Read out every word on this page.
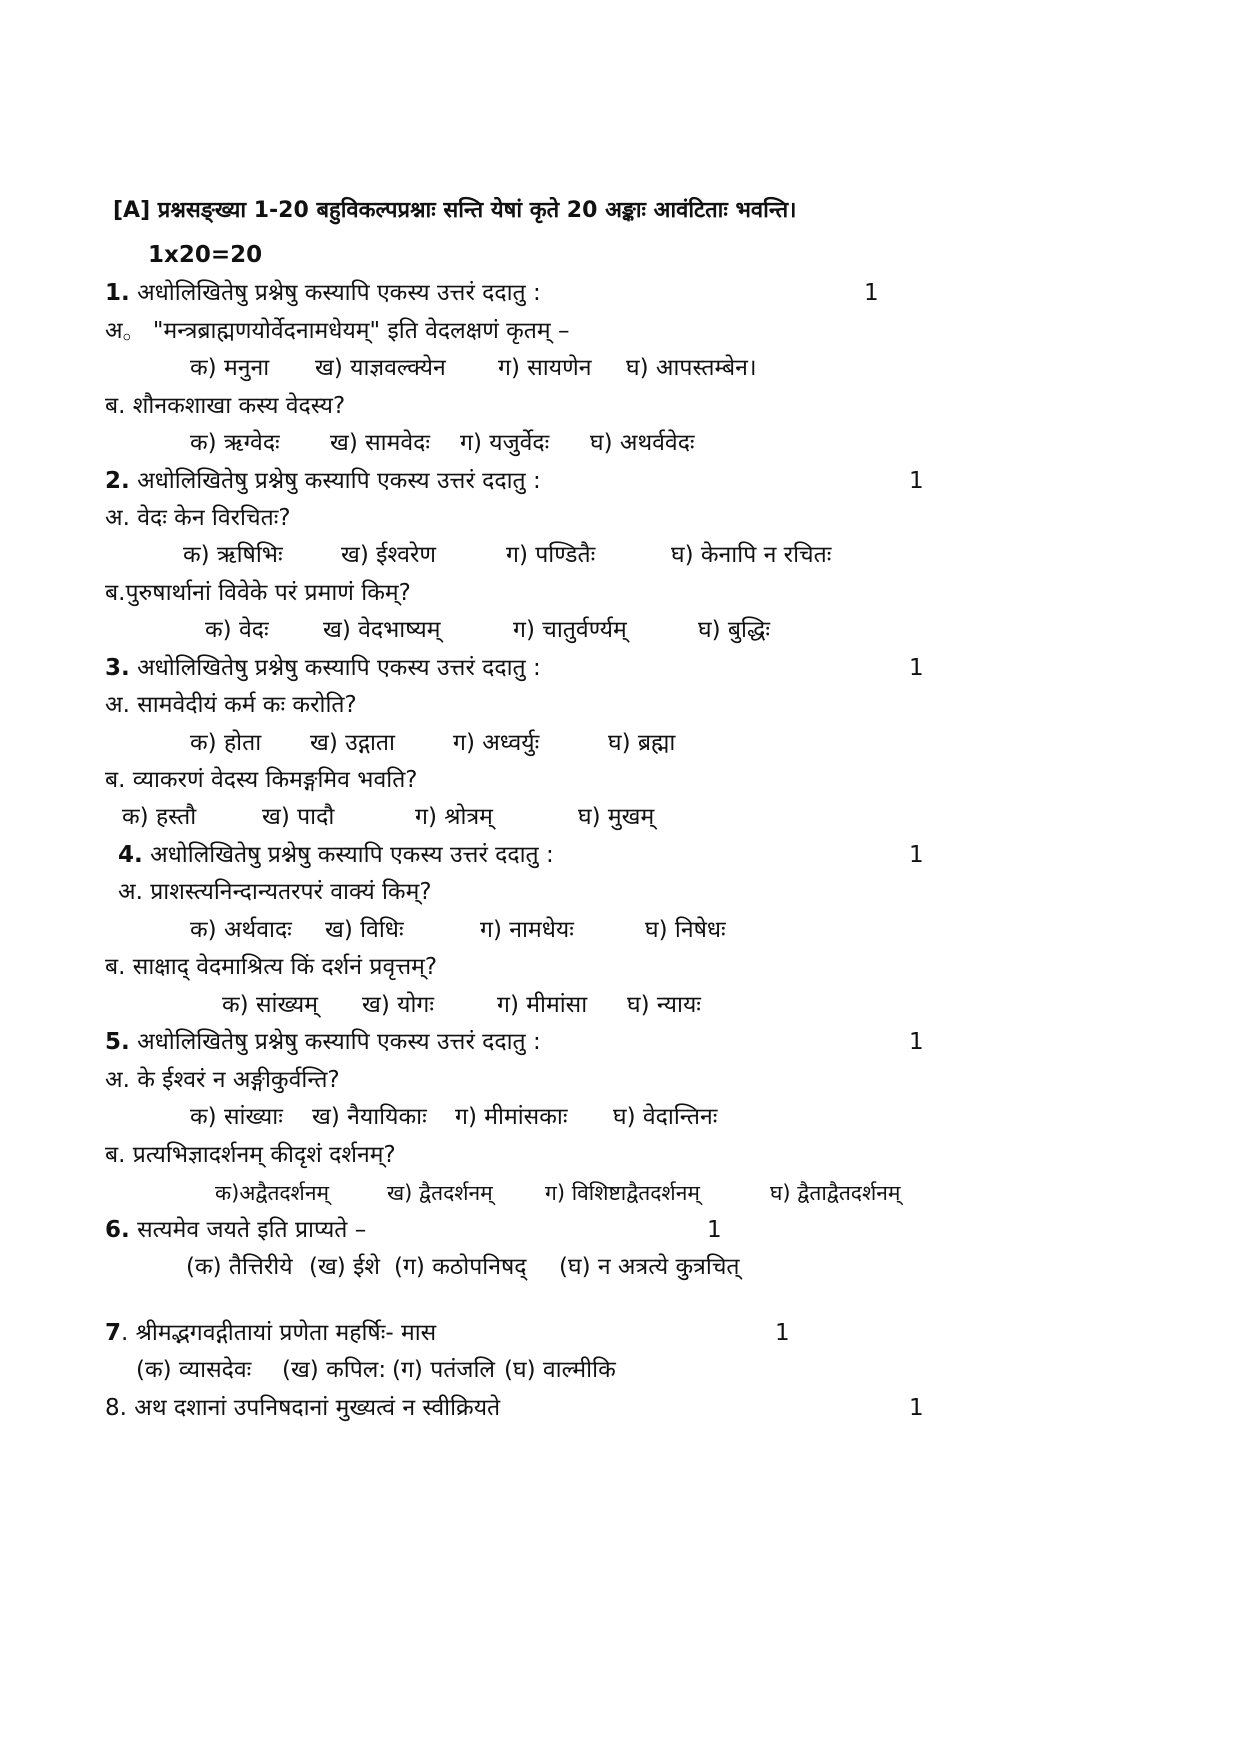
[A] प्रश्नसङ्ख्या 1-20 बहुविकल्पप्रश्नाः सन्ति येषां कृते 20 अङ्काः आवंटिताः भवन्ति।
1x20=20
1. अधोलिखितेषु प्रश्नेषु कस्यापि एकस्य उत्तरं ददातु :	1
अ。 "मन्त्रब्राह्मणयोर्वेदनामधेयम्" इति वेदलक्षणं कृतम् –
क) मनुना ख) याज्ञवल्क्येन ग) सायणेन घ) आपस्तम्बेन।
ब. शौनकशाखा कस्य वेदस्य?
क) ऋग्वेदः ख) सामवेदः ग) यजुर्वेदः घ) अथर्ववेदः
2. अधोलिखितेषु प्रश्नेषु कस्यापि एकस्य उत्तरं ददातु :	1
अ. वेदः केन विरचितः?
क) ऋषिभिः	ख) ईश्वरेण	ग) पण्डितैः	घ) केनापि न रचितः
ब.पुरुषार्थानां विवेके परं प्रमाणं किम्?
क) वेदः ख) वेदभाष्यम्	ग) चातुर्वर्ण्यम्	घ) बुद्धिः
3. अधोलिखितेषु प्रश्नेषु कस्यापि एकस्य उत्तरं ददातु :	1
अ. सामवेदीयं कर्म कः करोति?
क) होता ख) उद्गाता	ग) अध्वर्युः	घ) ब्रह्मा
ब. व्याकरणं वेदस्य किमङ्गमिव भवति?
क) हस्तौ	ख) पादौ	ग) श्रोत्रम्	घ) मुखम्
4. अधोलिखितेषु प्रश्नेषु कस्यापि एकस्य उत्तरं ददातु :	1
अ. प्राशस्त्यनिन्दान्यतरपरं वाक्यं किम्?
क) अर्थवादः ख) विधिः	ग) नामधेयः	घ) निषेधः
ब. साक्षाद् वेदमाश्रित्य किं दर्शनं प्रवृत्तम्?
क) सांख्यम् ख) योगः	ग) मीमांसा घ) न्यायः
5. अधोलिखितेषु प्रश्नेषु कस्यापि एकस्य उत्तरं ददातु :	1
अ. के ईश्वरं न अङ्गीकुर्वन्ति?
क) सांख्याः ख) नैयायिकाः ग) मीमांसकाः घ) वेदान्तिनः
ब. प्रत्यभिज्ञादर्शनम् कीदृशं दर्शनम्?
क)अद्वैतदर्शनम्	ख) द्वैतदर्शनम् ग) विशिष्टाद्वैतदर्शनम्	घ) द्वैताद्वैतदर्शनम्
6. सत्यमेव जयते इति प्राप्यते –	1
(क) तैत्तिरीये (ख) ईशे (ग) कठोपनिषद् (घ) न अत्रत्ये कुत्रचित्
7. श्रीमद्भगवद्गीतायां प्रणेता महर्षिः- मास	1
(क) व्यासदेवः (ख) कपिल: (ग) पतंजलि (घ) वाल्मीकि
8. अथ दशानां उपनिषदानां मुख्यत्वं न स्वीक्रियते	1
